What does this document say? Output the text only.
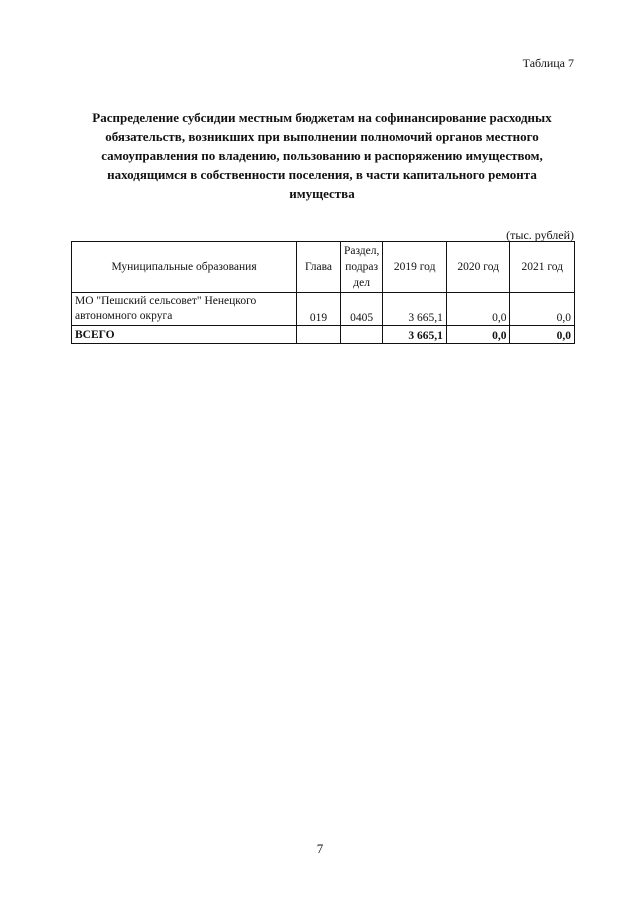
Таблица 7
Распределение субсидии местным бюджетам на софинансирование расходных обязательств, возникших при выполнении полномочий органов местного самоуправления по владению, пользованию и распоряжению имуществом, находящимся в собственности поселения, в части капитального ремонта имущества
(тыс. рублей)
Муниципальные образования	Глава	Раздел, подраз дел	2019 год	2020 год	2021 год
МО "Пешский сельсовет" Ненецкого автономного округа	019	0405	3 665,1	0,0	0,0
ВСЕГО			3 665,1	0,0	0,0
7
